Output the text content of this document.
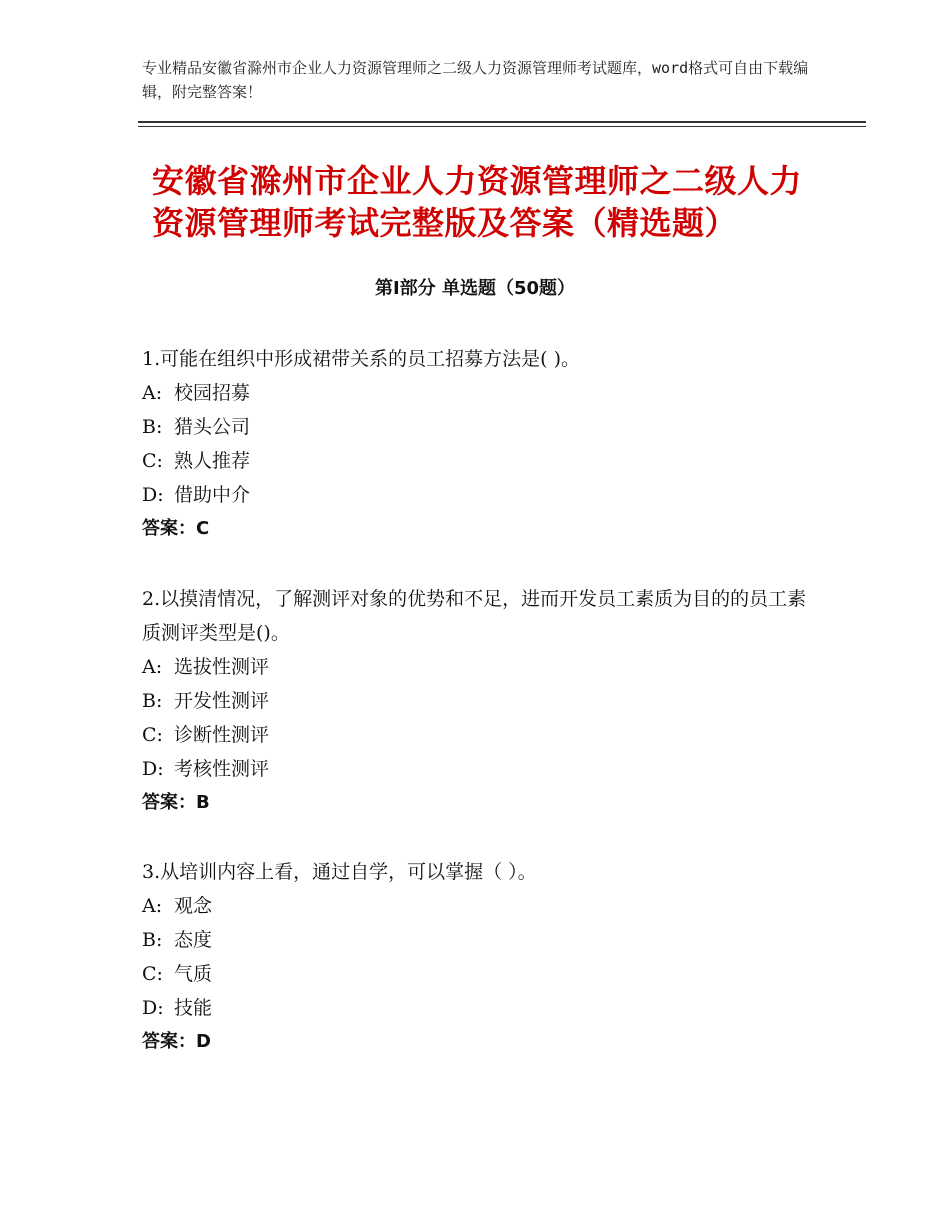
专业精品安徽省滁州市企业人力资源管理师之二级人力资源管理师考试题库，word格式可自由下载编辑，附完整答案！
安徽省滁州市企业人力资源管理师之二级人力资源管理师考试完整版及答案（精选题）
第Ⅰ部分 单选题（50题）

1.可能在组织中形成裙带关系的员工招募方法是( )。

A: 校园招募

B: 猎头公司

C: 熟人推荐

D: 借助中介

答案：C

2.以摸清情况，了解测评对象的优势和不足，进而开发员工素质为目的的员工素质测评类型是()。

A: 选拔性测评

B: 开发性测评

C: 诊断性测评

D: 考核性测评

答案：B

3.从培训内容上看，通过自学，可以掌握（ ）。

A: 观念

B: 态度

C: 气质

D: 技能

答案：D
